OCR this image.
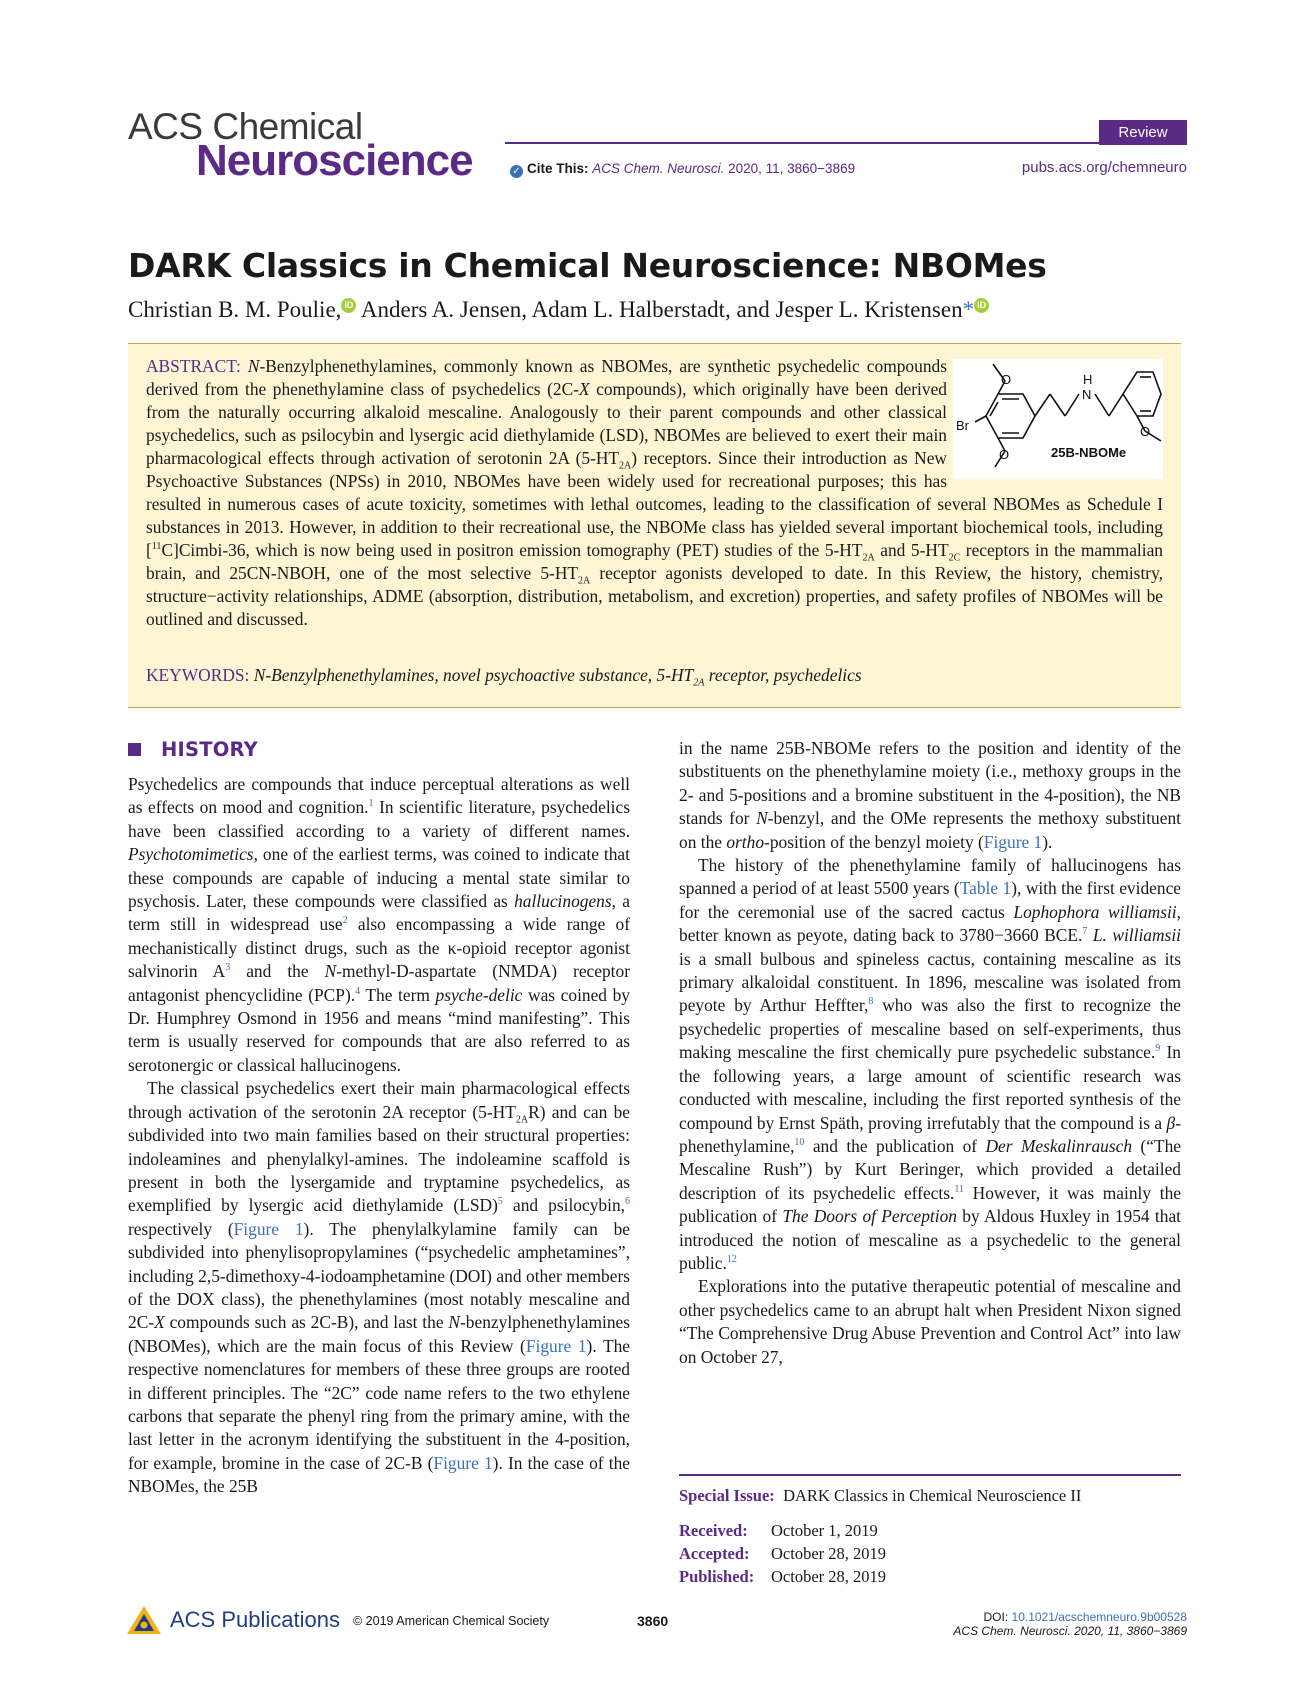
ACS Chemical
Neuroscience
Review
✓ Cite This: ACS Chem. Neurosci. 2020, 11, 3860−3869	pubs.acs.org/chemneuro
DARK Classics in Chemical Neuroscience: NBOMes
Christian B. M. Poulie, iD Anders A. Jensen, Adam L. Halberstadt, and Jesper L. Kristensen* iD
O	H
N
Br	O
O	25B-NBOMe
ABSTRACT: N-Benzylphenethylamines, commonly known as NBOMes, are synthetic psychedelic compounds derived from the phenethylamine class of psychedelics (2C-X compounds), which originally have been derived from the naturally occurring alkaloid mescaline. Analogously to their parent compounds and other classical psychedelics, such as psilocybin and lysergic acid diethylamide (LSD), NBOMes are believed to exert their main pharmacological effects through activation of serotonin 2A $(5-HT_{2A})$ receptors. Since their introduction as New Psychoactive Substances (NPSs) in 2010, NBOMes have been widely used for recreational purposes; this has resulted in numerous cases of acute toxicity, sometimes with lethal outcomes, leading to the classification of several NBOMes as Schedule I substances in 2013. However, in addition to their recreational use, the NBOMe class has yielded several important biochemical tools, including [$^{11}$C]Cimbi-36, which is now being used in positron emission tomography (PET) studies of the $5-HT_{2A}$ and $5-HT_{2C}$ receptors in the mammalian brain, and 25CN-NBOH, one of the most selective $5-HT_{2A}$ receptor agonists developed to date. In this Review, the history, chemistry, structure−activity relationships, ADME (absorption, distribution, metabolism, and excretion) properties, and safety profiles of NBOMes will be outlined and discussed.
KEYWORDS: N-Benzylphenethylamines, novel psychoactive substance, $5-HT_{2A}$ receptor, psychedelics
HISTORY

Psychedelics are compounds that induce perceptual alterations as well as effects on mood and cognition.$^1$ In scientific literature, psychedelics have been classified according to a variety of different names. Psychotomimetics, one of the earliest terms, was coined to indicate that these compounds are capable of inducing a mental state similar to psychosis. Later, these compounds were classified as hallucinogens, a term still in widespread use$^2$ also encompassing a wide range of mechanistically distinct drugs, such as the κ-opioid receptor agonist salvinorin $A^3$ and the N-methyl-D-aspartate (NMDA) receptor antagonist phencyclidine (PCP).$^4$ The term psyche-delic was coined by Dr. Humphrey Osmond in 1956 and means “mind manifesting”. This term is usually reserved for compounds that are also referred to as serotonergic or classical hallucinogens.

The classical psychedelics exert their main pharmacological effects through activation of the serotonin 2A receptor $(5-HT_{2A}R)$ and can be subdivided into two main families based on their structural properties: indoleamines and phenylalkyl-amines. The indoleamine scaffold is present in both the lysergamide and tryptamine psychedelics, as exemplified by lysergic acid diethylamide (LSD)$^5$ and psilocybin,$^6$ respectively (Figure 1). The phenylalkylamine family can be subdivided into phenylisopropylamines (“psychedelic amphetamines”, including 2,5-dimethoxy-4-iodoamphetamine (DOI) and other members of the DOX class), the phenethylamines (most notably mescaline and 2C-X compounds such as 2C-B), and last the N-benzylphenethylamines (NBOMes), which are the main focus of this Review (Figure 1). The respective nomenclatures for members of these three groups are rooted in different principles. The “2C” code name refers to the two ethylene carbons that separate the phenyl ring from the primary amine, with the last letter in the acronym identifying the substituent in the 4-position, for example, bromine in the case of 2C-B (Figure 1). In the case of the NBOMes, the 25B

in the name 25B-NBOMe refers to the position and identity of the substituents on the phenethylamine moiety (i.e., methoxy groups in the 2- and 5-positions and a bromine substituent in the 4-position), the NB stands for N-benzyl, and the OMe represents the methoxy substituent on the ortho-position of the benzyl moiety (Figure 1).

The history of the phenethylamine family of hallucinogens has spanned a period of at least 5500 years (Table 1), with the first evidence for the ceremonial use of the sacred cactus Lophophora williamsii, better known as peyote, dating back to 3780−3660 BCE.$^7$ L. williamsii is a small bulbous and spineless cactus, containing mescaline as its primary alkaloidal constituent. In 1896, mescaline was isolated from peyote by Arthur Heffter,$^8$ who was also the first to recognize the psychedelic properties of mescaline based on self-experiments, thus making mescaline the first chemically pure psychedelic substance.$^9$ In the following years, a large amount of scientific research was conducted with mescaline, including the first reported synthesis of the compound by Ernst Späth, proving irrefutably that the compound is a β-phenethylamine,$^{10}$ and the publication of Der Meskalinrausch (“The Mescaline Rush”) by Kurt Beringer, which provided a detailed description of its psychedelic effects.$^{11}$ However, it was mainly the publication of The Doors of Perception by Aldous Huxley in 1954 that introduced the notion of mescaline as a psychedelic to the general public.$^{12}$

Explorations into the putative therapeutic potential of mescaline and other psychedelics came to an abrupt halt when President Nixon signed “The Comprehensive Drug Abuse Prevention and Control Act” into law on October 27,

Special Issue: DARK Classics in Chemical Neuroscience II
Received: October 1, 2019
Accepted: October 28, 2019
Published: October 28, 2019
ACS Publications © 2019 American Chemical Society	3860	DOI: 10.1021/acschemneuro.9b00528
ACS Chem. Neurosci. 2020, 11, 3860−3869
